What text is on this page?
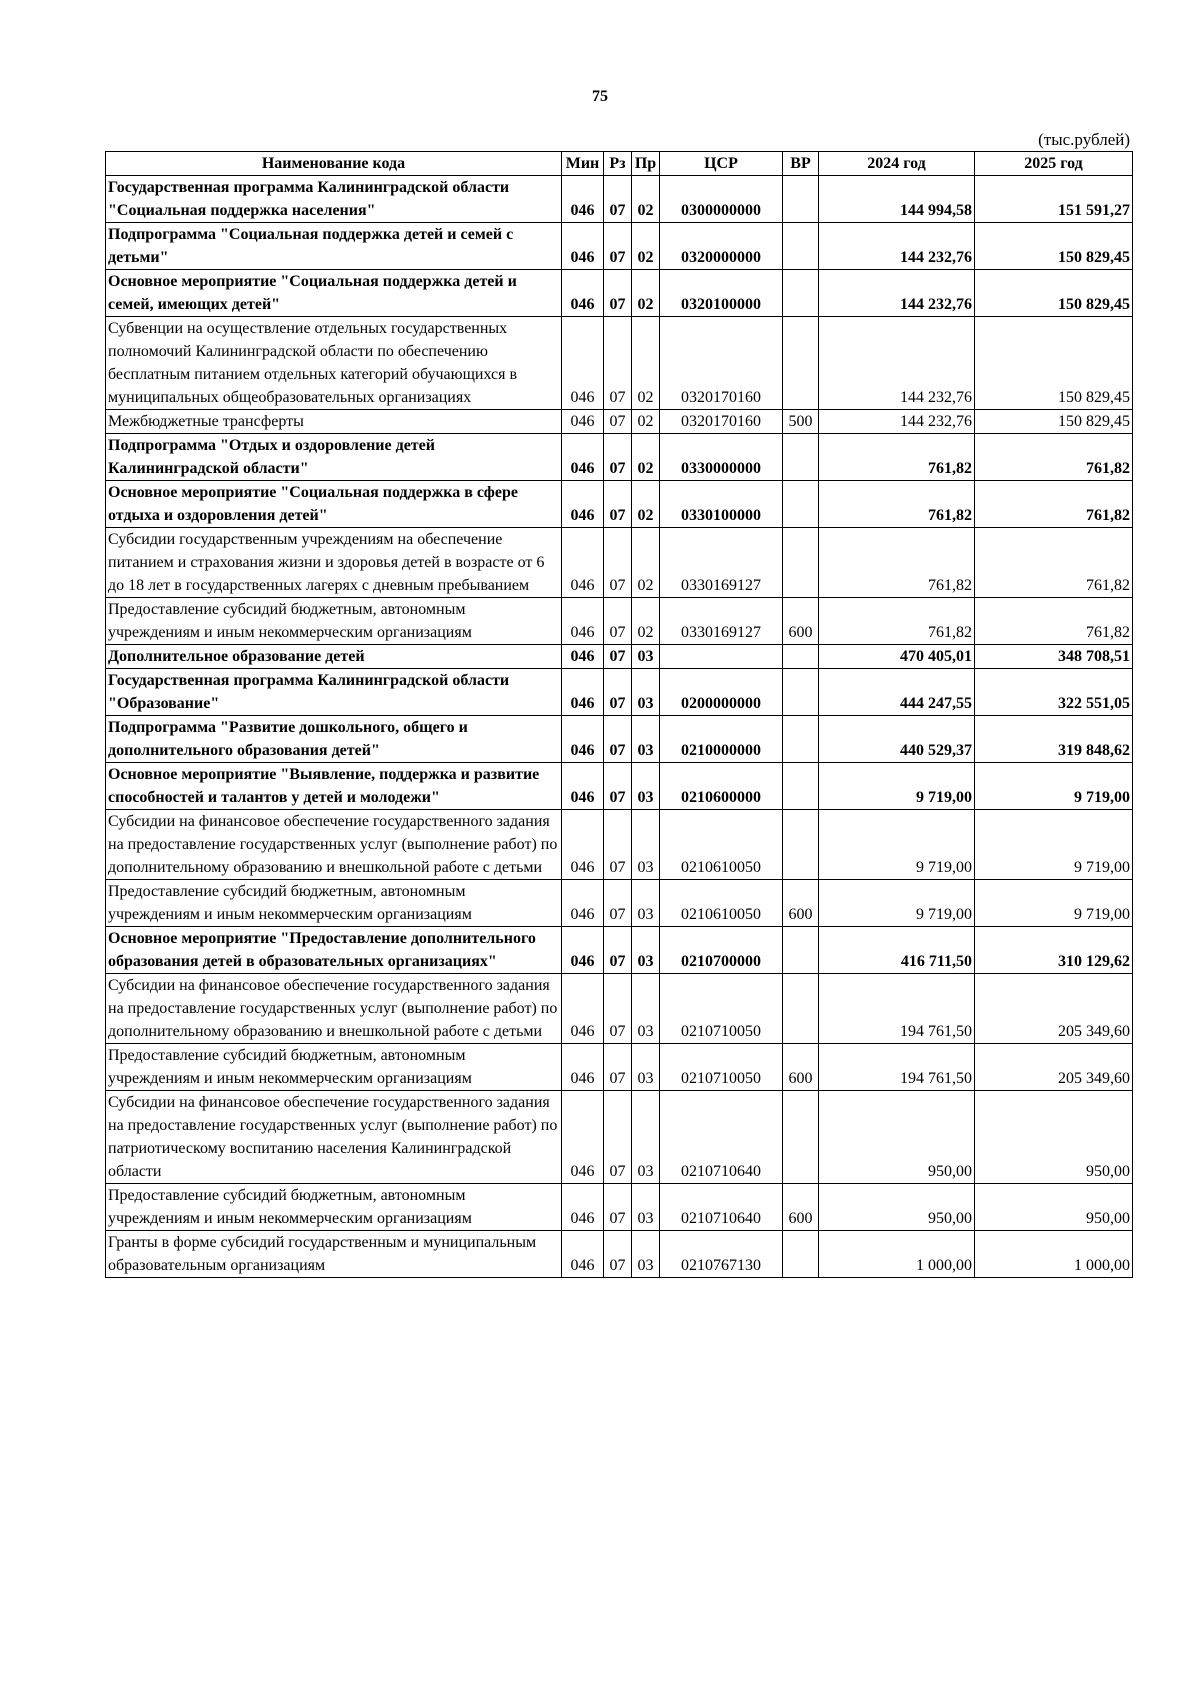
75
(тыс.рублей)
Наименование кода	Мин	Рз	Пр	ЦСР	ВР	2024 год	2025 год
Государственная программа Калининградской области "Социальная поддержка населения"	046	07	02	0300000000		144 994,58	151 591,27
Подпрограмма "Социальная поддержка детей и семей с детьми"	046	07	02	0320000000		144 232,76	150 829,45
Основное мероприятие "Социальная поддержка детей и семей, имеющих детей"	046	07	02	0320100000		144 232,76	150 829,45
Субвенции на осуществление отдельных государственных полномочий Калининградской области по обеспечению бесплатным питанием отдельных категорий обучающихся в муниципальных общеобразовательных организациях	046	07	02	0320170160		144 232,76	150 829,45
Межбюджетные трансферты	046	07	02	0320170160	500	144 232,76	150 829,45
Подпрограмма "Отдых и оздоровление детей Калининградской области"	046	07	02	0330000000		761,82	761,82
Основное мероприятие "Социальная поддержка в сфере отдыха и оздоровления детей"	046	07	02	0330100000		761,82	761,82
Субсидии государственным учреждениям на обеспечение питанием и страхования жизни и здоровья детей в возрасте от 6 до 18 лет в государственных лагерях с дневным пребыванием	046	07	02	0330169127		761,82	761,82
Предоставление субсидий бюджетным, автономным учреждениям и иным некоммерческим организациям	046	07	02	0330169127	600	761,82	761,82
Дополнительное образование детей	046	07	03			470 405,01	348 708,51
Государственная программа Калининградской области "Образование"	046	07	03	0200000000		444 247,55	322 551,05
Подпрограмма "Развитие дошкольного, общего и дополнительного образования детей"	046	07	03	0210000000		440 529,37	319 848,62
Основное мероприятие "Выявление, поддержка и развитие способностей и талантов у детей и молодежи"	046	07	03	0210600000		9 719,00	9 719,00
Субсидии на финансовое обеспечение государственного задания на предоставление государственных услуг (выполнение работ) по дополнительному образованию и внешкольной работе с детьми	046	07	03	0210610050		9 719,00	9 719,00
Предоставление субсидий бюджетным, автономным учреждениям и иным некоммерческим организациям	046	07	03	0210610050	600	9 719,00	9 719,00
Основное мероприятие "Предоставление дополнительного образования детей в образовательных организациях"	046	07	03	0210700000		416 711,50	310 129,62
Субсидии на финансовое обеспечение государственного задания на предоставление государственных услуг (выполнение работ) по дополнительному образованию и внешкольной работе с детьми	046	07	03	0210710050		194 761,50	205 349,60
Предоставление субсидий бюджетным, автономным учреждениям и иным некоммерческим организациям	046	07	03	0210710050	600	194 761,50	205 349,60
Субсидии на финансовое обеспечение государственного задания на предоставление государственных услуг (выполнение работ) по патриотическому воспитанию населения Калининградской области	046	07	03	0210710640		950,00	950,00
Предоставление субсидий бюджетным, автономным учреждениям и иным некоммерческим организациям	046	07	03	0210710640	600	950,00	950,00
Гранты в форме субсидий государственным и муниципальным образовательным организациям	046	07	03	0210767130		1 000,00	1 000,00
